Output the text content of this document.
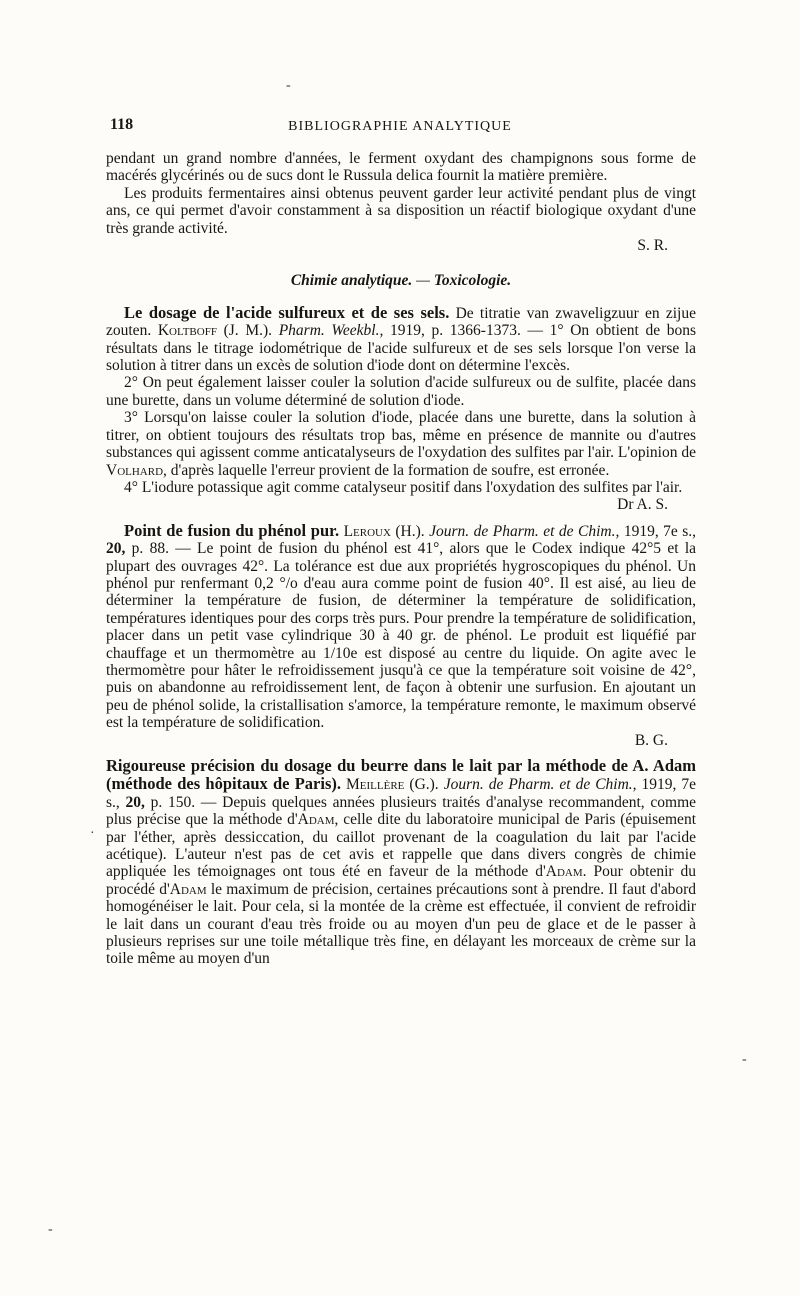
-
·
-
-
118	BIBLIOGRAPHIE ANALYTIQUE

pendant un grand nombre d'années, le ferment oxydant des champignons sous forme de macérés glycérinés ou de sucs dont le Russula delica fournit la matière première.

Les produits fermentaires ainsi obtenus peuvent garder leur activité pendant plus de vingt ans, ce qui permet d'avoir constamment à sa disposition un réactif biologique oxydant d'une très grande activité.

S. R.
Chimie analytique. — Toxicologie.

Le dosage de l'acide sulfureux et de ses sels. De titratie van zwaveligzuur en zijue zouten. Koltboff (J. M.). Pharm. Weekbl., 1919, p. 1366-1373. — 1° On obtient de bons résultats dans le titrage iodométrique de l'acide sulfureux et de ses sels lorsque l'on verse la solution à titrer dans un excès de solution d'iode dont on détermine l'excès.

2° On peut également laisser couler la solution d'acide sulfureux ou de sulfite, placée dans une burette, dans un volume déterminé de solution d'iode.

3° Lorsqu'on laisse couler la solution d'iode, placée dans une burette, dans la solution à titrer, on obtient toujours des résultats trop bas, même en présence de mannite ou d'autres substances qui agissent comme anticatalyseurs de l'oxydation des sulfites par l'air. L'opinion de Volhard, d'après laquelle l'erreur provient de la formation de soufre, est erronée.

4° L'iodure potassique agit comme catalyseur positif dans l'oxydation des sulfites par l'air.

Dr A. S.

Point de fusion du phénol pur. Leroux (H.). Journ. de Pharm. et de Chim., 1919, 7e s., 20, p. 88. — Le point de fusion du phénol est 41°, alors que le Codex indique 42°5 et la plupart des ouvrages 42°. La tolérance est due aux propriétés hygroscopiques du phénol. Un phénol pur renfermant 0,2 °/o d'eau aura comme point de fusion 40°. Il est aisé, au lieu de déterminer la température de fusion, de déterminer la température de solidification, températures identiques pour des corps très purs. Pour prendre la température de solidification, placer dans un petit vase cylindrique 30 à 40 gr. de phénol. Le produit est liquéfié par chauffage et un thermomètre au 1/10e est disposé au centre du liquide. On agite avec le thermomètre pour hâter le refroidissement jusqu'à ce que la température soit voisine de 42°, puis on abandonne au refroidissement lent, de façon à obtenir une surfusion. En ajoutant un peu de phénol solide, la cristallisation s'amorce, la température remonte, le maximum observé est la température de solidification.

B. G.

Rigoureuse précision du dosage du beurre dans le lait par la méthode de A. Adam (méthode des hôpitaux de Paris). Meillère (G.). Journ. de Pharm. et de Chim., 1919, 7e s., 20, p. 150. — Depuis quelques années plusieurs traités d'analyse recommandent, comme plus précise que la méthode d'Adam, celle dite du laboratoire municipal de Paris (épuisement par l'éther, après dessiccation, du caillot provenant de la coagulation du lait par l'acide acétique). L'auteur n'est pas de cet avis et rappelle que dans divers congrès de chimie appliquée les témoignages ont tous été en faveur de la méthode d'Adam. Pour obtenir du procédé d'Adam le maximum de précision, certaines précautions sont à prendre. Il faut d'abord homogénéiser le lait. Pour cela, si la montée de la crème est effectuée, il convient de refroidir le lait dans un courant d'eau très froide ou au moyen d'un peu de glace et de le passer à plusieurs reprises sur une toile métallique très fine, en délayant les morceaux de crème sur la toile même au moyen d'un
